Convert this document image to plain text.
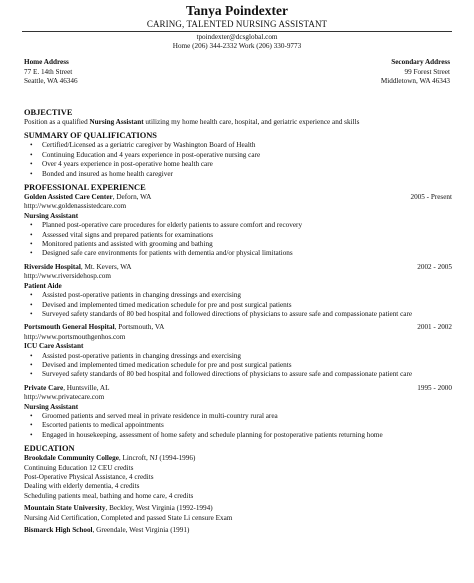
Tanya Poindexter
CARING, TALENTED NURSING ASSISTANT
tpoindexter@dcsglobal.com
Home (206) 344-2332 Work (206) 330-9773
Home Address
77 E. 14th Street
Seattle, WA 46346
Secondary Address
99 Forest Street
Middletown, WA 46343
OBJECTIVE
Position as a qualified Nursing Assistant utilizing my home health care, hospital, and geriatric experience and skills
SUMMARY OF QUALIFICATIONS
• Certified/Licensed as a geriatric caregiver by Washington Board of Health
• Continuing Education and 4 years experience in post-operative nursing care
• Over 4 years experience in post-operative home health care
• Bonded and insured as home health caregiver
PROFESSIONAL EXPERIENCE
Golden Assisted Care Center, Deforn, WA	2005 - Present
http://www.goldenassistedcare.com
Nursing Assistant
• Planned post-operative care procedures for elderly patients to assure comfort and recovery
• Assessed vital signs and prepared patients for examinations
• Monitored patients and assisted with grooming and bathing
• Designed safe care environments for patients with dementia and/or physical limitations
Riverside Hospital, Mt. Kevers, WA	2002 - 2005
http://www.riversidehosp.com
Patient Aide
• Assisted post-operative patients in changing dressings and exercising
• Devised and implemented timed medication schedule for pre and post surgical patients
• Surveyed safety standards of 80 bed hospital and followed directions of physicians to assure safe and compassionate patient care
Portsmouth General Hospital, Portsmouth, VA	2001 - 2002
http://www.portsmouthgenhos.com
ICU Care Assistant
• Assisted post-operative patients in changing dressings and exercising
• Devised and implemented timed medication schedule for pre and post surgical patients
• Surveyed safety standards of 80 bed hospital and followed directions of physicians to assure safe and compassionate patient care
Private Care, Huntsville, AL	1995 - 2000
http://www.privatecare.com
Nursing Assistant
• Groomed patients and served meal in private residence in multi-country rural area
• Escorted patients to medical appointments
• Engaged in housekeeping, assessment of home safety and schedule planning for postoperative patients returning home
EDUCATION
Brookdale Community College, Lincroft, NJ (1994-1996)
Continuing Education 12 CEU credits
Post-Operative Physical Assistance, 4 credits
Dealing with elderly dementia, 4 credits
Scheduling patients meal, bathing and home care, 4 credits
Mountain State University, Beckley, West Virginia (1992-1994)
Nursing Aid Certification, Completed and passed State Li censure Exam
Bismarck High School, Greendale, West Virginia (1991)
